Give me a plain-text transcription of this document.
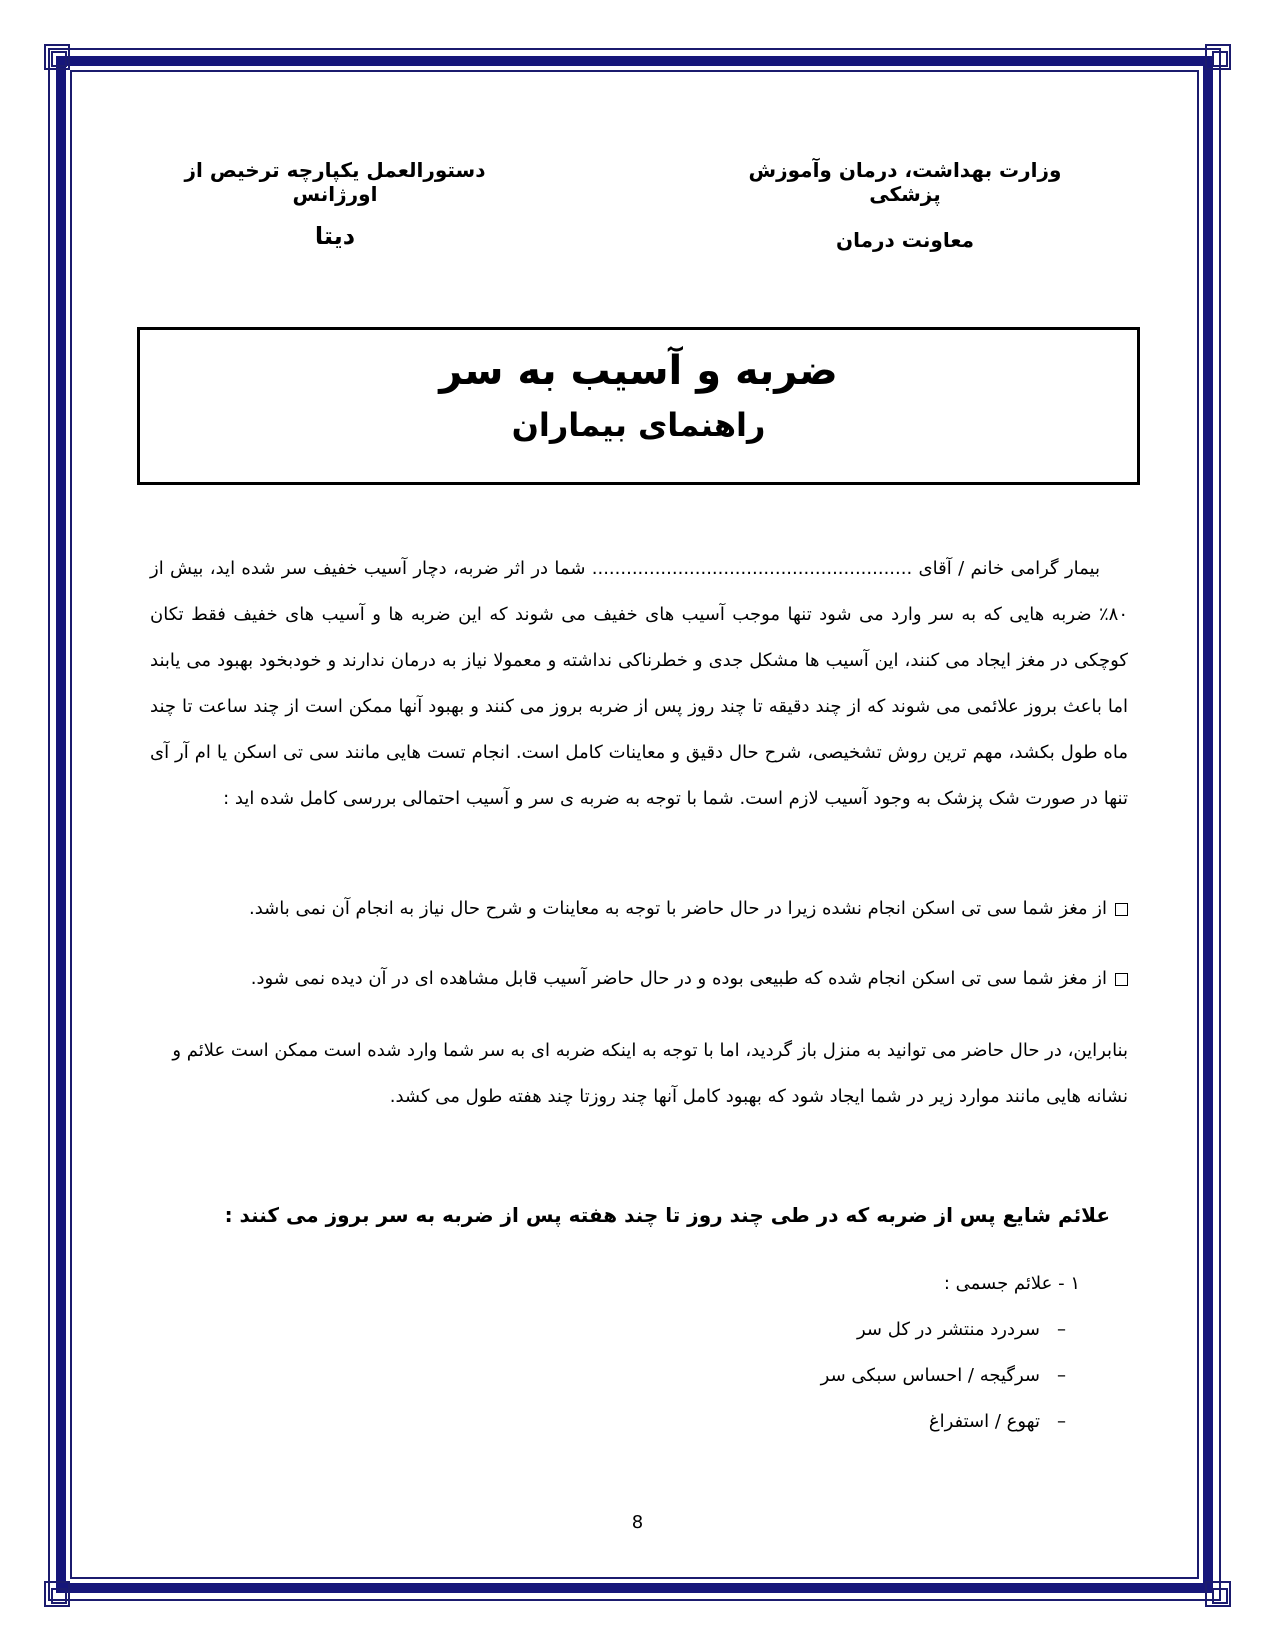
وزارت بهداشت، درمان وآموزش پزشکی
معاونت درمان
دستورالعمل یکپارچه ترخیص از اورژانس
دیتا
ضربه و آسیب به سر
راهنمای بیماران
بیمار گرامی خانم / آقای ........................................................ شما در اثر ضربه، دچار آسیب خفیف سر شده اید، بیش از ۸۰٪ ضربه هایی که به سر وارد می شود تنها موجب آسیب های خفیف می شوند که این ضربه ها و آسیب های خفیف فقط تکان کوچکی در مغز ایجاد می کنند، این آسیب ها مشکل جدی و خطرناکی نداشته و معمولا نیاز به درمان ندارند و خودبخود بهبود می یابند اما باعث بروز علائمی می شوند که از چند دقیقه تا چند روز پس از ضربه بروز می کنند و بهبود آنها ممکن است از چند ساعت تا چند ماه طول بکشد، مهم ترین روش تشخیصی، شرح حال دقیق و معاینات کامل است. انجام تست هایی مانند سی تی اسکن یا ام آر آی تنها در صورت شک پزشک به وجود آسیب لازم است. شما با توجه به ضربه ی سر و آسیب احتمالی بررسی کامل شده اید :
از مغز شما سی تی اسکن انجام نشده زیرا در حال حاضر با توجه به معاینات و شرح حال نیاز به انجام آن نمی باشد.
از مغز شما سی تی اسکن انجام شده که طبیعی بوده و در حال حاضر آسیب قابل مشاهده ای در آن دیده نمی شود.
بنابراین، در حال حاضر می توانید به منزل باز گردید، اما با توجه به اینکه ضربه ای به سر شما وارد شده است ممکن است علائم و نشانه هایی مانند موارد زیر در شما ایجاد شود که بهبود کامل آنها چند روزتا چند هفته طول می کشد.
علائم شایع پس از ضربه که در طی چند روز تا چند هفته پس از ضربه به سر بروز می کنند :
۱ - علائم جسمی :
–سردرد منتشر در کل سر
–سرگیجه / احساس سبکی سر
–تهوع / استفراغ
8
